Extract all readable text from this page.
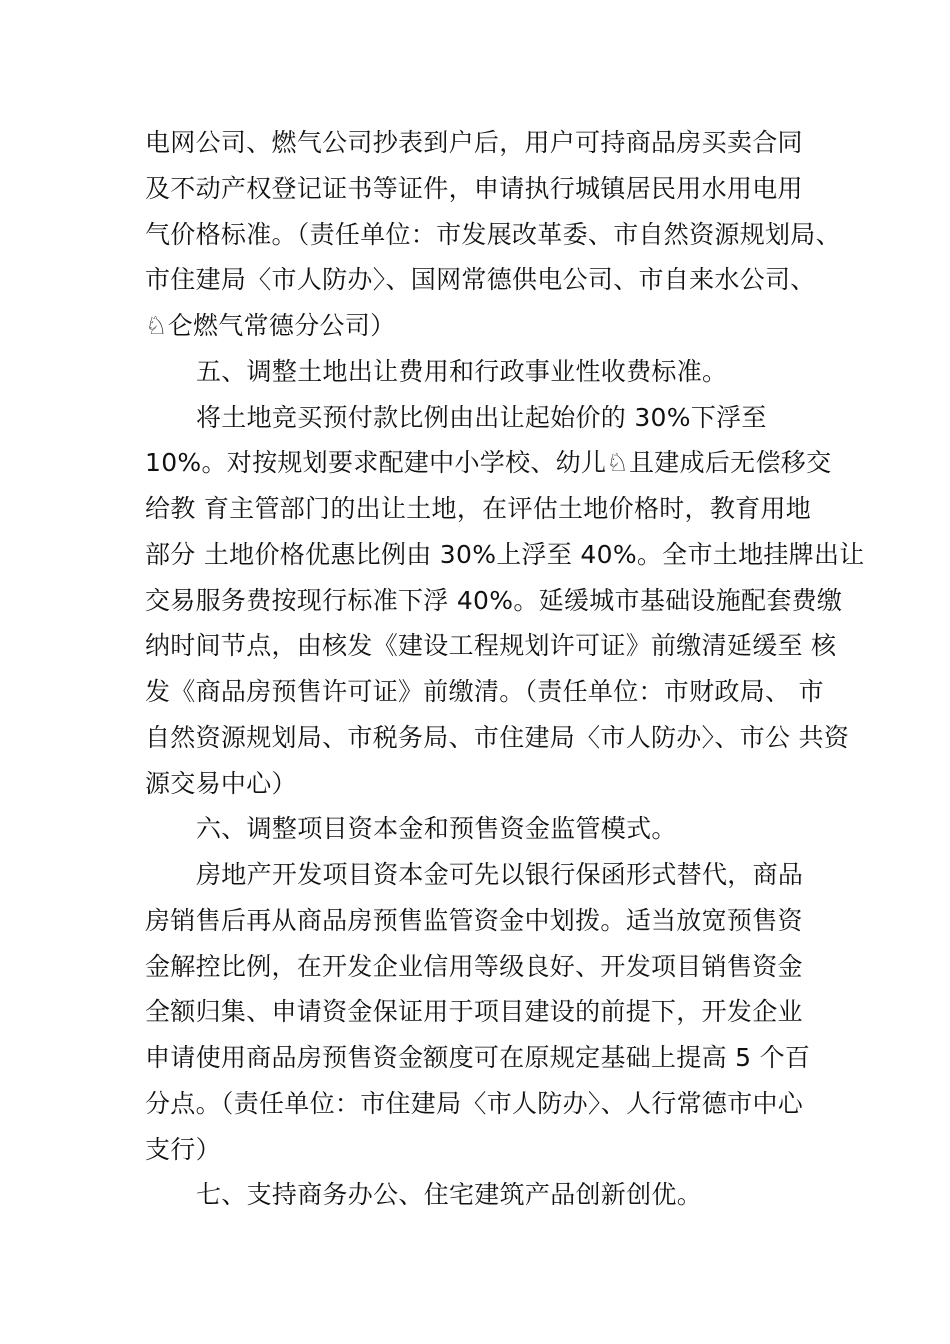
电网公司、燃气公司抄表到户后，用户可持商品房买卖合同
及不动产权登记证书等证件，申请执行城镇居民用水用电用
气价格标准。（责任单位：市发展改革委、市自然资源规划局、
市住建局〈市人防办〉、国网常德供电公司、市自来水公司、
♘仑燃气常德分公司）
五、调整土地出让费用和行政事业性收费标准。
将土地竞买预付款比例由出让起始价的 30%下浮至
10%。对按规划要求配建中小学校、幼儿♘且建成后无偿移交
给教 育主管部门的出让土地，在评估土地价格时，教育用地
部分 土地价格优惠比例由 30%上浮至 40%。全市土地挂牌出让
交易服务费按现行标准下浮 40%。延缓城市基础设施配套费缴
纳时间节点，由核发《建设工程规划许可证》前缴清延缓至 核
发《商品房预售许可证》前缴清。（责任单位：市财政局、 市
自然资源规划局、市税务局、市住建局〈市人防办〉、市公 共资
源交易中心）
六、调整项目资本金和预售资金监管模式。
房地产开发项目资本金可先以银行保函形式替代，商品
房销售后再从商品房预售监管资金中划拨。适当放宽预售资
金解控比例，在开发企业信用等级良好、开发项目销售资金
全额归集、申请资金保证用于项目建设的前提下，开发企业
申请使用商品房预售资金额度可在原规定基础上提高 5 个百
分点。（责任单位：市住建局〈市人防办〉、人行常德市中心
支行）
七、支持商务办公、住宅建筑产品创新创优。
